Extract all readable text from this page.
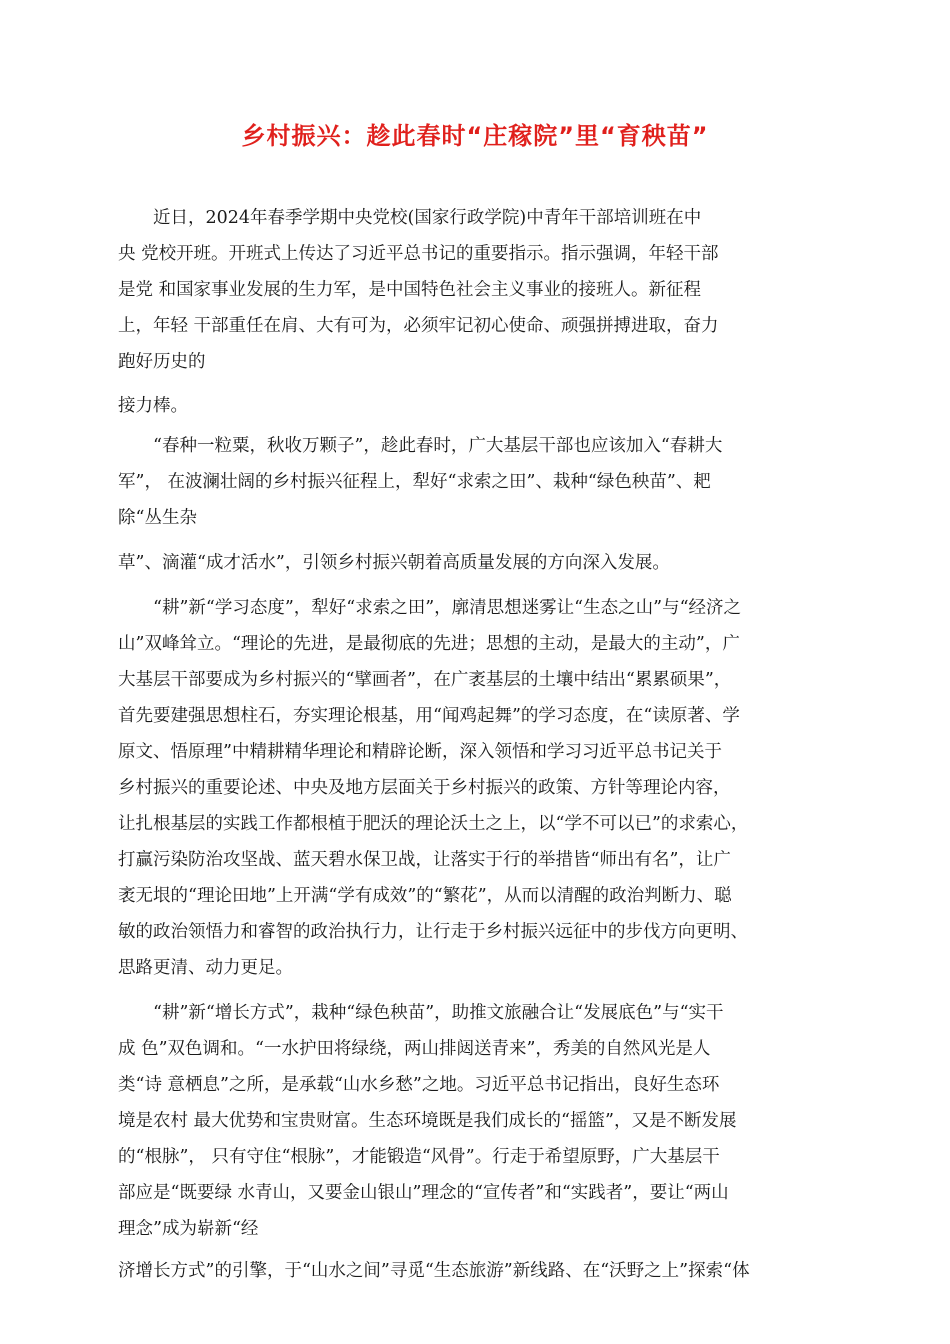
乡村振兴：趁此春时“庄稼院”里“育秧苗”
　　近日，2024年春季学期中央党校(国家行政学院)中青年干部培训班在中
央 党校开班。开班式上传达了习近平总书记的重要指示。指示强调，年轻干部
是党 和国家事业发展的生力军，是中国特色社会主义事业的接班人。新征程
上，年轻 干部重任在肩、大有可为，必须牢记初心使命、顽强拼搏进取，奋力
跑好历史的
接力棒。
　　“春种一粒粟，秋收万颗子”，趁此春时，广大基层干部也应该加入“春耕大
军”， 在波澜壮阔的乡村振兴征程上，犁好“求索之田”、栽种“绿色秧苗”、耙
除“丛生杂
草”、滴灌“成才活水”，引领乡村振兴朝着高质量发展的方向深入发展。
　　“耕”新“学习态度”，犁好“求索之田”，廓清思想迷雾让“生态之山”与“经济之
山”双峰耸立。“理论的先进，是最彻底的先进；思想的主动，是最大的主动”，广
大基层干部要成为乡村振兴的“擘画者”，在广袤基层的土壤中结出“累累硕果”，
首先要建强思想柱石，夯实理论根基，用“闻鸡起舞”的学习态度，在“读原著、学
原文、悟原理”中精耕精华理论和精辟论断，深入领悟和学习习近平总书记关于
乡村振兴的重要论述、中央及地方层面关于乡村振兴的政策、方针等理论内容，
让扎根基层的实践工作都根植于肥沃的理论沃土之上，以“学不可以已”的求索心，
打赢污染防治攻坚战、蓝天碧水保卫战，让落实于行的举措皆“师出有名”，让广
袤无垠的“理论田地”上开满“学有成效”的“繁花”，从而以清醒的政治判断力、聪
敏的政治领悟力和睿智的政治执行力，让行走于乡村振兴远征中的步伐方向更明、
思路更清、动力更足。
　　“耕”新“增长方式”，栽种“绿色秧苗”，助推文旅融合让“发展底色”与“实干
成 色”双色调和。“一水护田将绿绕，两山排闼送青来”，秀美的自然风光是人
类“诗 意栖息”之所，是承载“山水乡愁”之地。习近平总书记指出，良好生态环
境是农村 最大优势和宝贵财富。生态环境既是我们成长的“摇篮”，又是不断发展
的“根脉”， 只有守住“根脉”，才能锻造“风骨”。行走于希望原野，广大基层干
部应是“既要绿 水青山，又要金山银山”理念的“宣传者”和“实践者”，要让“两山
理念”成为崭新“经
济增长方式”的引擎，于“山水之间”寻觅“生态旅游”新线路、在“沃野之上”探索“体
